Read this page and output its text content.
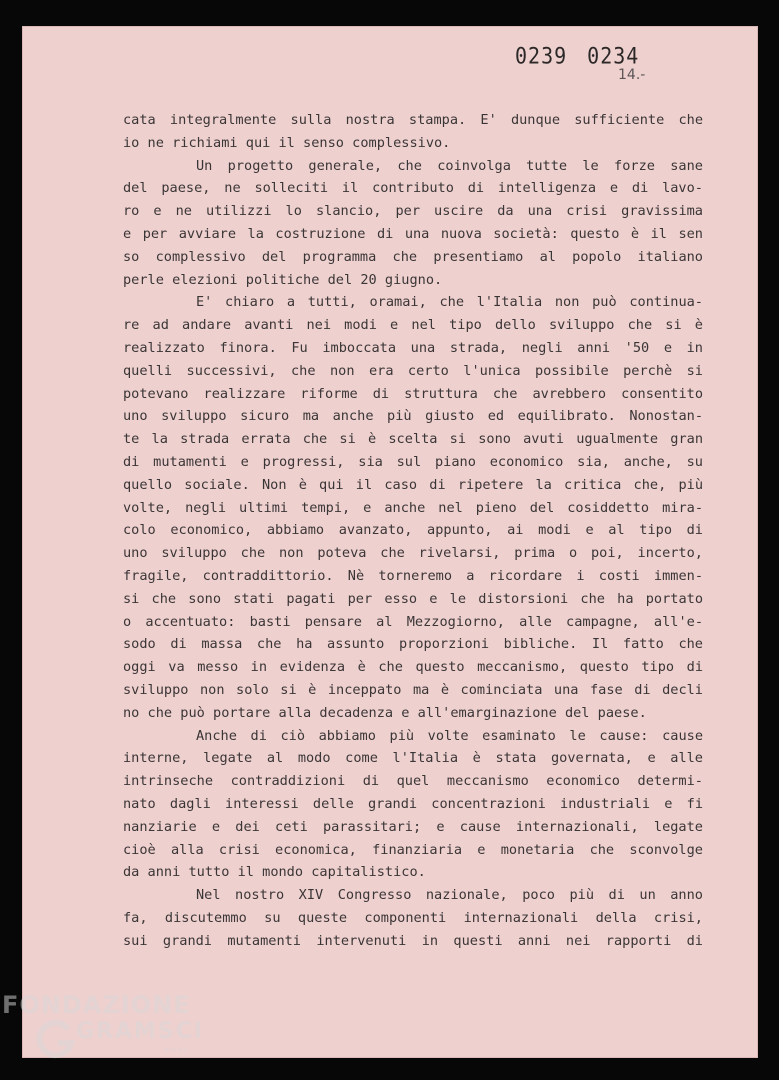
0239 0234
14.-
cata integralmente sulla nostra stampa. E' dunque sufficiente che
io ne richiami qui il senso complessivo.
Un progetto generale, che coinvolga tutte le forze sane
del paese, ne solleciti il contributo di intelligenza e di lavo-
ro e ne utilizzi lo slancio, per uscire da una crisi gravissima
e per avviare la costruzione di una nuova società: questo è il sen
so complessivo del programma che presentiamo al popolo italiano
perle elezioni politiche del 20 giugno.
E' chiaro a tutti, oramai, che l'Italia non può continua-
re ad andare avanti nei modi e nel tipo dello sviluppo che si è
realizzato finora. Fu imboccata una strada, negli anni '50 e in
quelli successivi, che non era certo l'unica possibile perchè si
potevano realizzare riforme di struttura che avrebbero consentito
uno sviluppo sicuro ma anche più giusto ed equilibrato. Nonostan-
te la strada errata che si è scelta si sono avuti ugualmente gran
di mutamenti e progressi, sia sul piano economico sia, anche, su
quello sociale. Non è qui il caso di ripetere la critica che, più
volte, negli ultimi tempi, e anche nel pieno del cosiddetto mira-
colo economico, abbiamo avanzato, appunto, ai modi e al tipo di
uno sviluppo che non poteva che rivelarsi, prima o poi, incerto,
fragile, contraddittorio. Nè torneremo a ricordare i costi immen-
si che sono stati pagati per esso e le distorsioni che ha portato
o accentuato: basti pensare al Mezzogiorno, alle campagne, all'e-
sodo di massa che ha assunto proporzioni bibliche. Il fatto che
oggi va messo in evidenza è che questo meccanismo, questo tipo di
sviluppo non solo si è inceppato ma è cominciata una fase di decli
no che può portare alla decadenza e all'emarginazione del paese.
Anche di ciò abbiamo più volte esaminato le cause: cause
interne, legate al modo come l'Italia è stata governata, e alle
intrinseche contraddizioni di quel meccanismo economico determi-
nato dagli interessi delle grandi concentrazioni industriali e fi
nanziarie e dei ceti parassitari; e cause internazionali, legate
cioè alla crisi economica, finanziaria e monetaria che sconvolge
da anni tutto il mondo capitalistico.
Nel nostro XIV Congresso nazionale, poco più di un anno
fa, discutemmo su queste componenti internazionali della crisi,
sui grandi mutamenti intervenuti in questi anni nei rapporti di
FONDAZIONE
GRAMSCI
onlus
